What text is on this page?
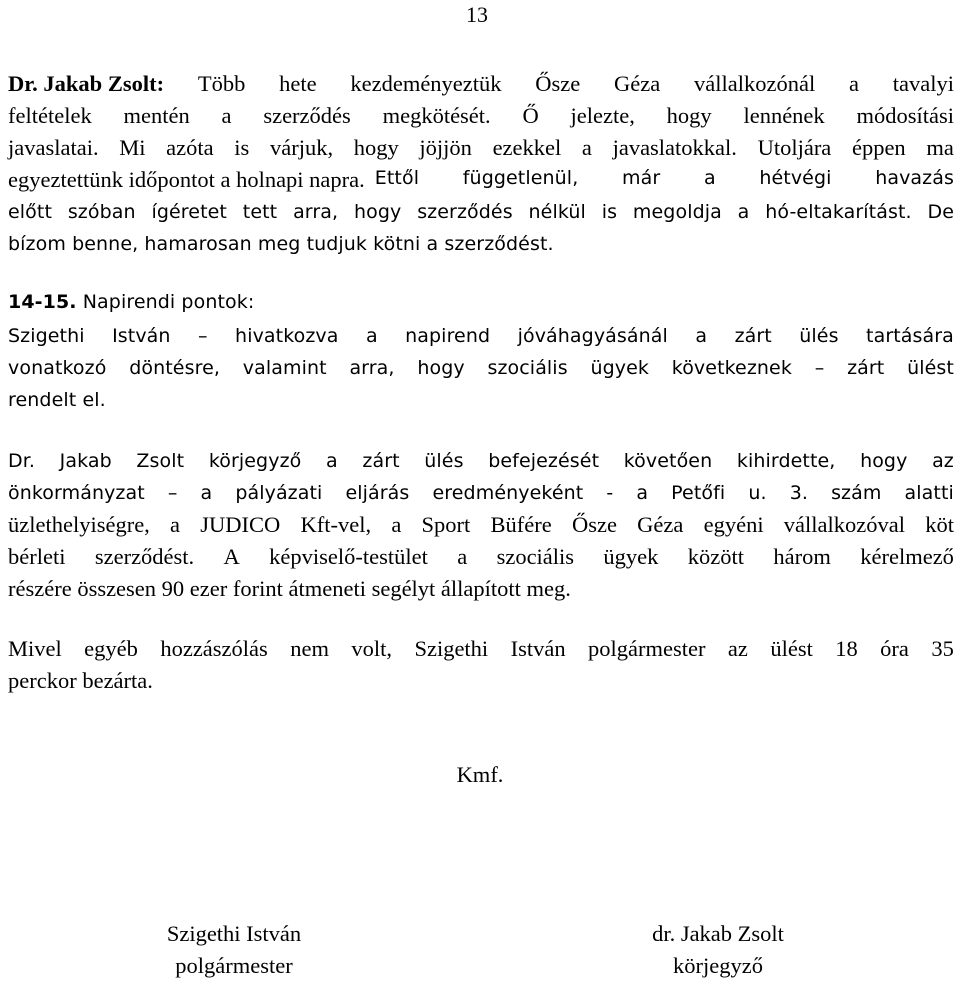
13
Dr. Jakab Zsolt: Több hete kezdeményeztük Ősze Géza vállalkozónál a tavalyi
feltételek mentén a szerződés megkötését. Ő jelezte, hogy lennének módosítási
javaslatai. Mi azóta is várjuk, hogy jöjjön ezekkel a javaslatokkal. Utoljára éppen ma
egyeztettünk időpontot a holnapi napra. Ettől függetlenül, már a hétvégi havazás
előtt szóban ígéretet tett arra, hogy szerződés nélkül is megoldja a hó-eltakarítást. De
bízom benne, hamarosan meg tudjuk kötni a szerződést.
14-15. Napirendi pontok:
Szigethi István – hivatkozva a napirend jóváhagyásánál a zárt ülés tartására
vonatkozó döntésre, valamint arra, hogy szociális ügyek következnek – zárt ülést
rendelt el.
Dr. Jakab Zsolt körjegyző a zárt ülés befejezését követően kihirdette, hogy az
önkormányzat – a pályázati eljárás eredményeként - a Petőfi u. 3. szám alatti
üzlethelyiségre, a JUDICO Kft-vel, a Sport Büfére Ősze Géza egyéni vállalkozóval köt
bérleti szerződést. A képviselő-testület a szociális ügyek között három kérelmező
részére összesen 90 ezer forint átmeneti segélyt állapított meg.
Mivel egyéb hozzászólás nem volt, Szigethi István polgármester az ülést 18 óra 35
perckor bezárta.
Kmf.
Szigethi István
polgármester
dr. Jakab Zsolt
körjegyző
